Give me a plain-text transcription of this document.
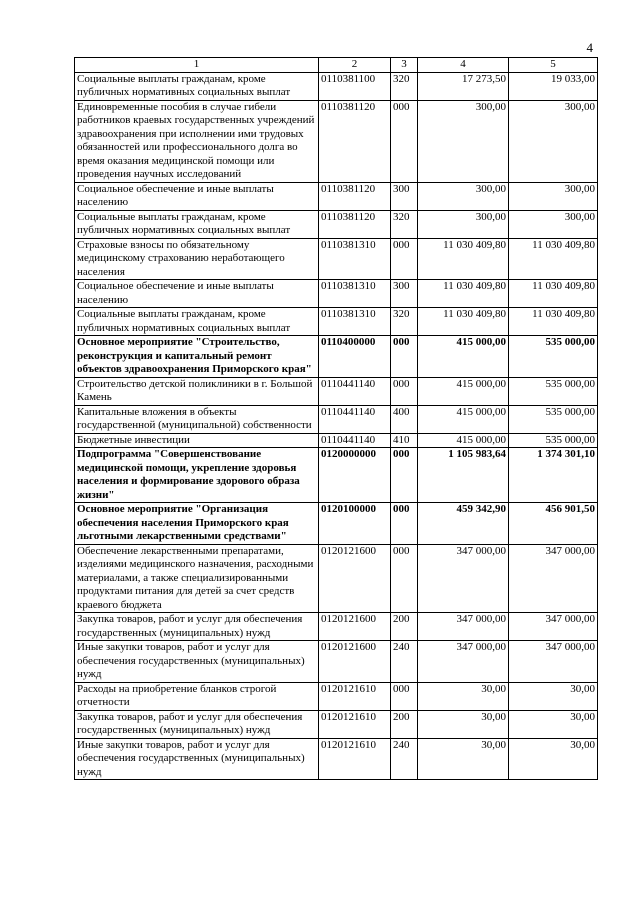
4
1	2	3	4	5
Социальные выплаты гражданам, кроме публичных нормативных социальных выплат	0110381100	320	17 273,50	19 033,00
Единовременные пособия в случае гибели работников краевых государственных учреждений здравоохранения при исполнении ими трудовых обязанностей или профессионального долга во время оказания медицинской помощи или проведения научных исследований	0110381120	000	300,00	300,00
Социальное обеспечение и иные выплаты населению	0110381120	300	300,00	300,00
Социальные выплаты гражданам, кроме публичных нормативных социальных выплат	0110381120	320	300,00	300,00
Страховые взносы по обязательному медицинскому страхованию неработающего населения	0110381310	000	11 030 409,80	11 030 409,80
Социальное обеспечение и иные выплаты населению	0110381310	300	11 030 409,80	11 030 409,80
Социальные выплаты гражданам, кроме публичных нормативных социальных выплат	0110381310	320	11 030 409,80	11 030 409,80
Основное мероприятие "Строительство, реконструкция и капитальный ремонт объектов здравоохранения Приморского края"	0110400000	000	415 000,00	535 000,00
Строительство детской поликлиники в г. Большой Камень	0110441140	000	415 000,00	535 000,00
Капитальные вложения в объекты государственной (муниципальной) собственности	0110441140	400	415 000,00	535 000,00
Бюджетные инвестиции	0110441140	410	415 000,00	535 000,00
Подпрограмма "Совершенствование медицинской помощи, укрепление здоровья населения и формирование здорового образа жизни"	0120000000	000	1 105 983,64	1 374 301,10
Основное мероприятие "Организация обеспечения населения Приморского края льготными лекарственными средствами"	0120100000	000	459 342,90	456 901,50
Обеспечение лекарственными препаратами, изделиями медицинского назначения, расходными материалами, а также специализированными продуктами питания для детей за счет средств краевого бюджета	0120121600	000	347 000,00	347 000,00
Закупка товаров, работ и услуг для обеспечения государственных (муниципальных) нужд	0120121600	200	347 000,00	347 000,00
Иные закупки товаров, работ и услуг для обеспечения государственных (муниципальных) нужд	0120121600	240	347 000,00	347 000,00
Расходы на приобретение бланков строгой отчетности	0120121610	000	30,00	30,00
Закупка товаров, работ и услуг для обеспечения государственных (муниципальных) нужд	0120121610	200	30,00	30,00
Иные закупки товаров, работ и услуг для обеспечения государственных (муниципальных) нужд	0120121610	240	30,00	30,00
